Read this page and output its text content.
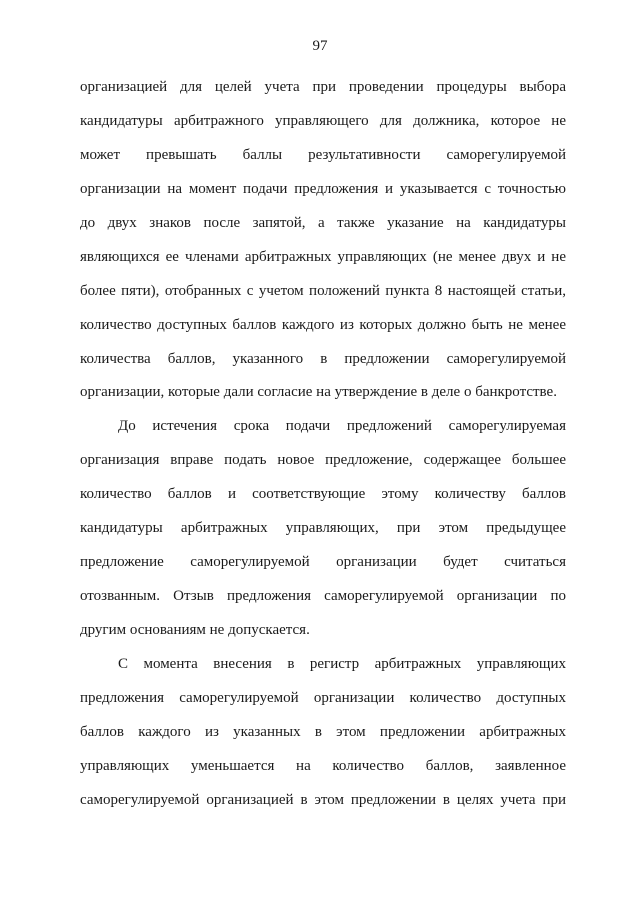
97
организацией для целей учета при проведении процедуры выбора
кандидатуры арбитражного управляющего для должника, которое не
может превышать баллы результативности саморегулируемой
организации на момент подачи предложения и указывается с точностью
до двух знаков после запятой, а также указание на кандидатуры
являющихся ее членами арбитражных управляющих (не менее двух и не
более пяти), отобранных с учетом положений пункта 8 настоящей статьи,
количество доступных баллов каждого из которых должно быть не менее
количества баллов, указанного в предложении саморегулируемой
организации, которые дали согласие на утверждение в деле о банкротстве.
До истечения срока подачи предложений саморегулируемая
организация вправе подать новое предложение, содержащее большее
количество баллов и соответствующие этому количеству баллов
кандидатуры арбитражных управляющих, при этом предыдущее
предложение саморегулируемой организации будет считаться
отозванным. Отзыв предложения саморегулируемой организации по
другим основаниям не допускается.
С момента внесения в регистр арбитражных управляющих
предложения саморегулируемой организации количество доступных
баллов каждого из указанных в этом предложении арбитражных
управляющих уменьшается на количество баллов, заявленное
саморегулируемой организацией в этом предложении в целях учета при
